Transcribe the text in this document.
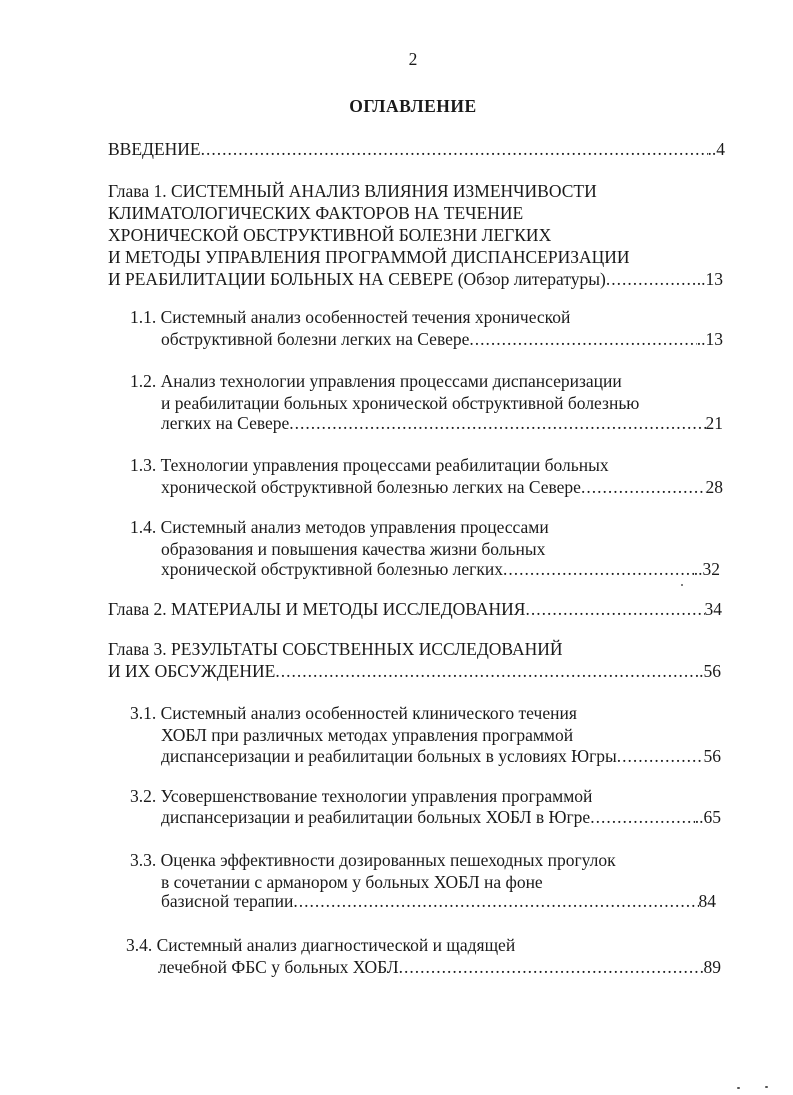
2
ОГЛАВЛЕНИЕ
ВВЕДЕНИЕ .....	..4
Глава 1. СИСТЕМНЫЙ АНАЛИЗ ВЛИЯНИЯ ИЗМЕНЧИВОСТИ
КЛИМАТОЛОГИЧЕСКИХ ФАКТОРОВ НА ТЕЧЕНИЕ
ХРОНИЧЕСКОЙ ОБСТРУКТИВНОЙ БОЛЕЗНИ ЛЕГКИХ
И МЕТОДЫ УПРАВЛЕНИЯ ПРОГРАММОЙ ДИСПАНСЕРИЗАЦИИ
И РЕАБИЛИТАЦИИ БОЛЬНЫХ НА СЕВЕРЕ (Обзор литературы) .....	..13
1.1. Системный анализ особенностей течения хронической
обструктивной болезни легких на Севере .....	..13
1.2. Анализ технологии управления процессами диспансеризации
и реабилитации больных хронической обструктивной болезнью
легких на Севере .....	21
1.3. Технологии управления процессами реабилитации больных
хронической обструктивной болезнью легких на Севере .....	28
1.4. Системный анализ методов управления процессами
образования и повышения качества жизни больных
хронической обструктивной болезнью легких .....	..32
Глава 2. МАТЕРИАЛЫ И МЕТОДЫ ИССЛЕДОВАНИЯ .....	34
Глава 3. РЕЗУЛЬТАТЫ СОБСТВЕННЫХ ИССЛЕДОВАНИЙ
И ИХ ОБСУЖДЕНИЕ .....	..56
3.1. Системный анализ особенностей клинического течения
ХОБЛ при различных методах управления программой
диспансеризации и реабилитации больных в условиях Югры .....	56
3.2. Усовершенствование технологии управления программой
диспансеризации и реабилитации больных ХОБЛ в Югре .....	..65
3.3. Оценка эффективности дозированных пешеходных прогулок
в сочетании с арманором у больных ХОБЛ на фоне
базисной терапии .....	84
3.4. Системный анализ диагностической и щадящей
лечебной ФБС у больных ХОБЛ .....	89
